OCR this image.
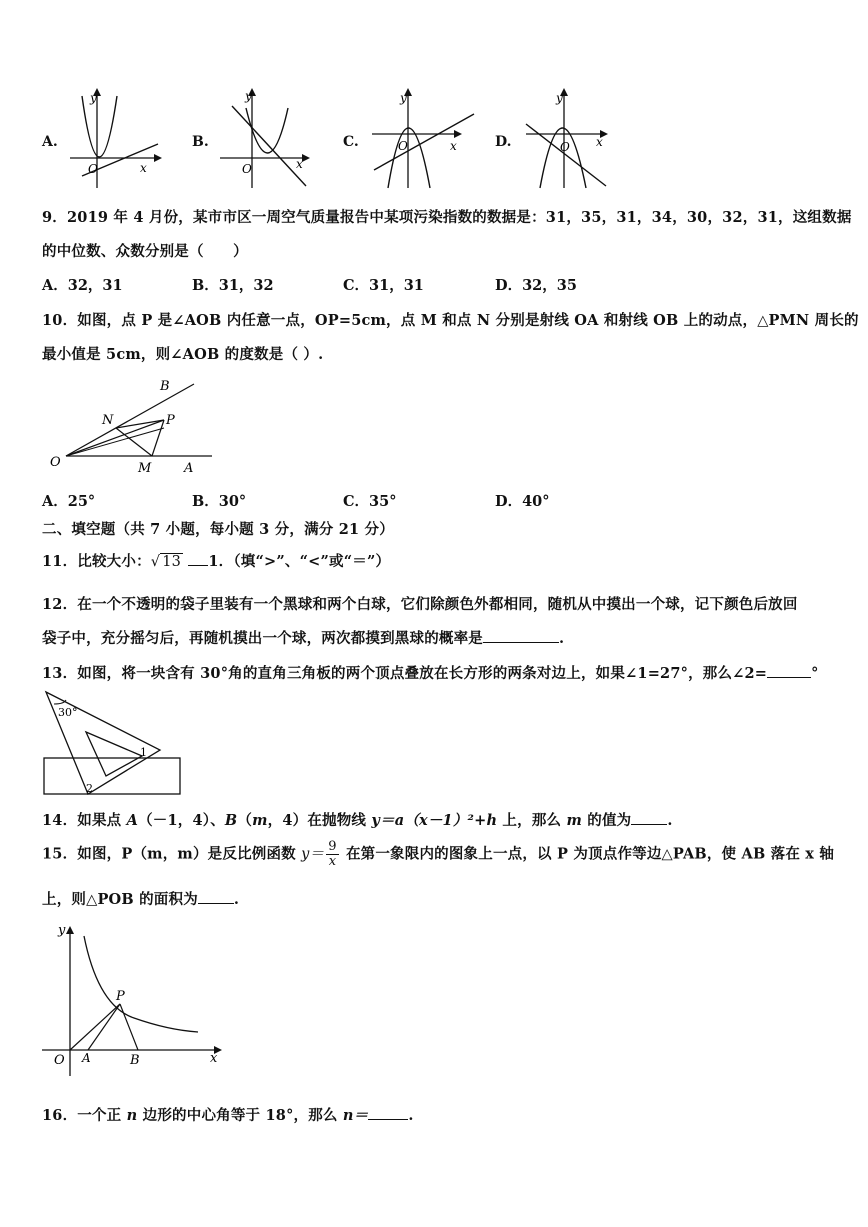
A.
y
O	x
B.
y
O	x
C.
y
O	x	D.
y
O x
9．2019 年 4 月份，某市市区一周空气质量报告中某项污染指数的数据是：31，35，31，34，30，32，31，这组数据
的中位数、众数分别是（　　）
A．32，31	B．31，32	C．31，31	D．32，35
10．如图，点 P 是∠AOB 内任意一点，OP=5cm，点 M 和点 N 分别是射线 OA 和射线 OB 上的动点，△PMN 周长的
最小值是 5cm，则∠AOB 的度数是（ ）.
B
N	P
O	M	A
A．25°	B．30°	C．35°	D．40°
二、填空题（共 7 小题，每小题 3 分，满分 21 分）
11．比较大小：√ 13 1．（填“>”、“<”或“＝”）
12．在一个不透明的袋子里装有一个黑球和两个白球，它们除颜色外都相同，随机从中摸出一个球，记下颜色后放回
袋子中，充分摇匀后，再随机摸出一个球，两次都摸到黑球的概率是	.
13．如图，将一块含有 30°角的直角三角板的两个顶点叠放在长方形的两条对边上，如果∠1=27°，那么∠2=	°
30°
1
2
14．如果点 A（－1，4）、B（m，4）在抛物线 y＝a（x－1）²+h 上，那么 m 的值为 .
15．如图，P（m，m）是反比例函数 $y= \frac{9}{x}$ 在第一象限内的图象上一点，以 P 为顶点作等边△PAB，使 AB 落在 x 轴
上，则△POB 的面积为 .
y
P
O A	B	x
16．一个正 n 边形的中心角等于 18°，那么 n＝	.
